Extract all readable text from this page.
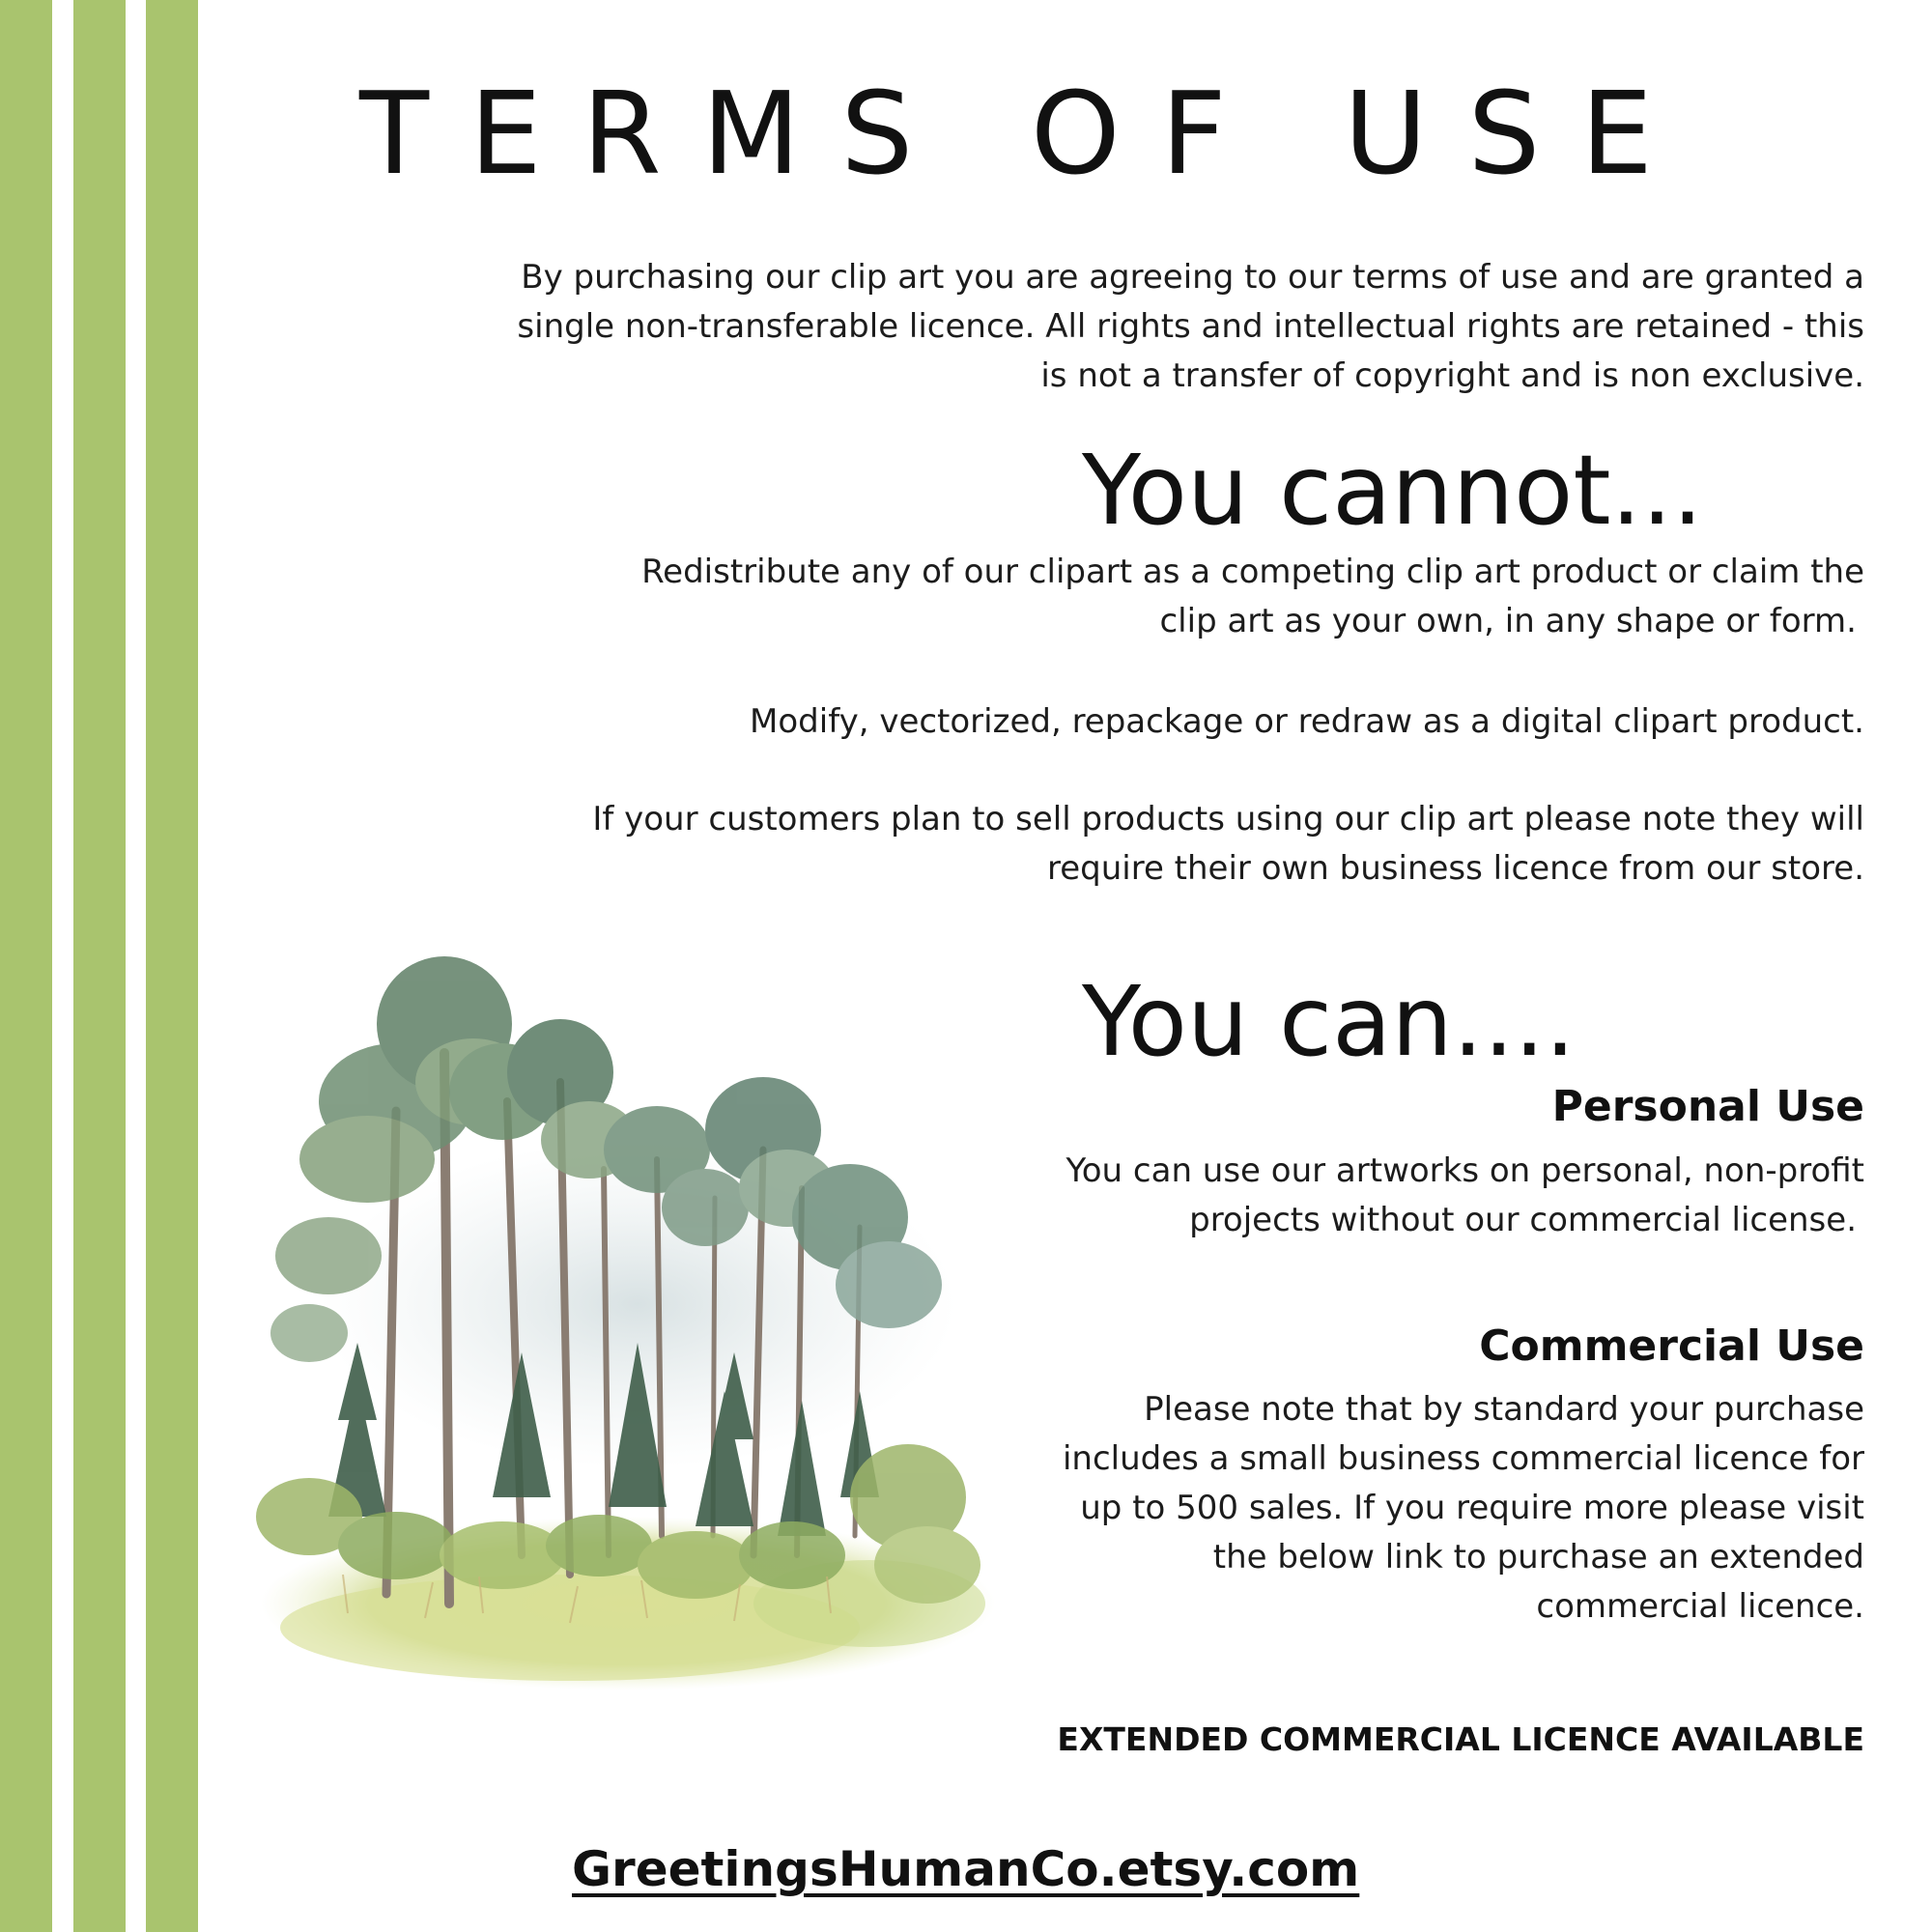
TERMS OF USE
By purchasing our clip art you are agreeing to our terms of use and are granted a
single non-transferable licence. All rights and intellectual rights are retained - this
is not a transfer of copyright and is non exclusive.
You cannot...
Redistribute any of our clipart as a competing clip art product or claim the
clip art as your own, in any shape or form.
Modify, vectorized, repackage or redraw as a digital clipart product.
If your customers plan to sell products using our clip art please note they will
require their own business licence from our store.
You can....
Personal Use
You can use our artworks on personal, non-profit
projects without our commercial license.
Commercial Use
Please note that by standard your purchase
includes a small business commercial licence for
up to 500 sales. If you require more please visit
the below link to purchase an extended
commercial licence.
EXTENDED COMMERCIAL LICENCE AVAILABLE
GreetingsHumanCo.etsy.com
